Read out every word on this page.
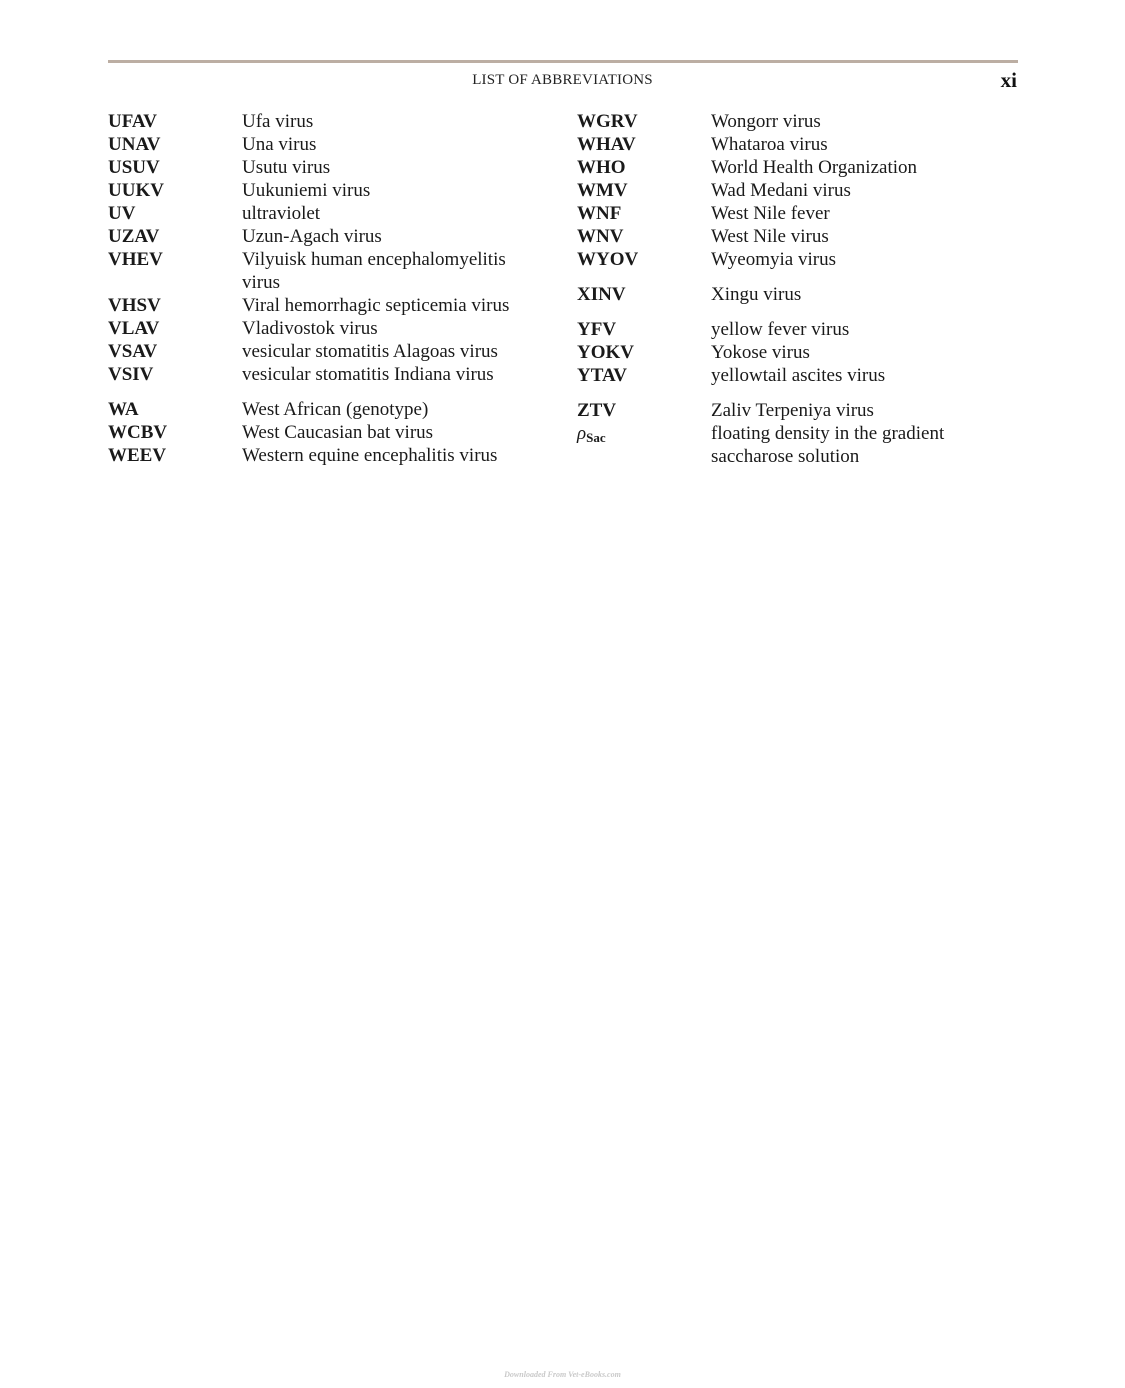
LIST OF ABBREVIATIONS	xi
UFAV	Ufa virus
UNAV	Una virus
USUV	Usutu virus
UUKV	Uukuniemi virus
UV	ultraviolet
UZAV	Uzun-Agach virus
VHEV	Vilyuisk human encephalomyelitis virus
VHSV	Viral hemorrhagic septicemia virus
VLAV	Vladivostok virus
VSAV	vesicular stomatitis Alagoas virus
VSIV	vesicular stomatitis Indiana virus
WA	West African (genotype)
WCBV	West Caucasian bat virus
WEEV	Western equine encephalitis virus
WGRV	Wongorr virus
WHAV	Whataroa virus
WHO	World Health Organization
WMV	Wad Medani virus
WNF	West Nile fever
WNV	West Nile virus
WYOV	Wyeomyia virus
XINV	Xingu virus
YFV	yellow fever virus
YOKV	Yokose virus
YTAV	yellowtail ascites virus
ZTV	Zaliv Terpeniya virus
ρSac	floating density in the gradient saccharose solution
Downloaded From Vet-eBooks.com
